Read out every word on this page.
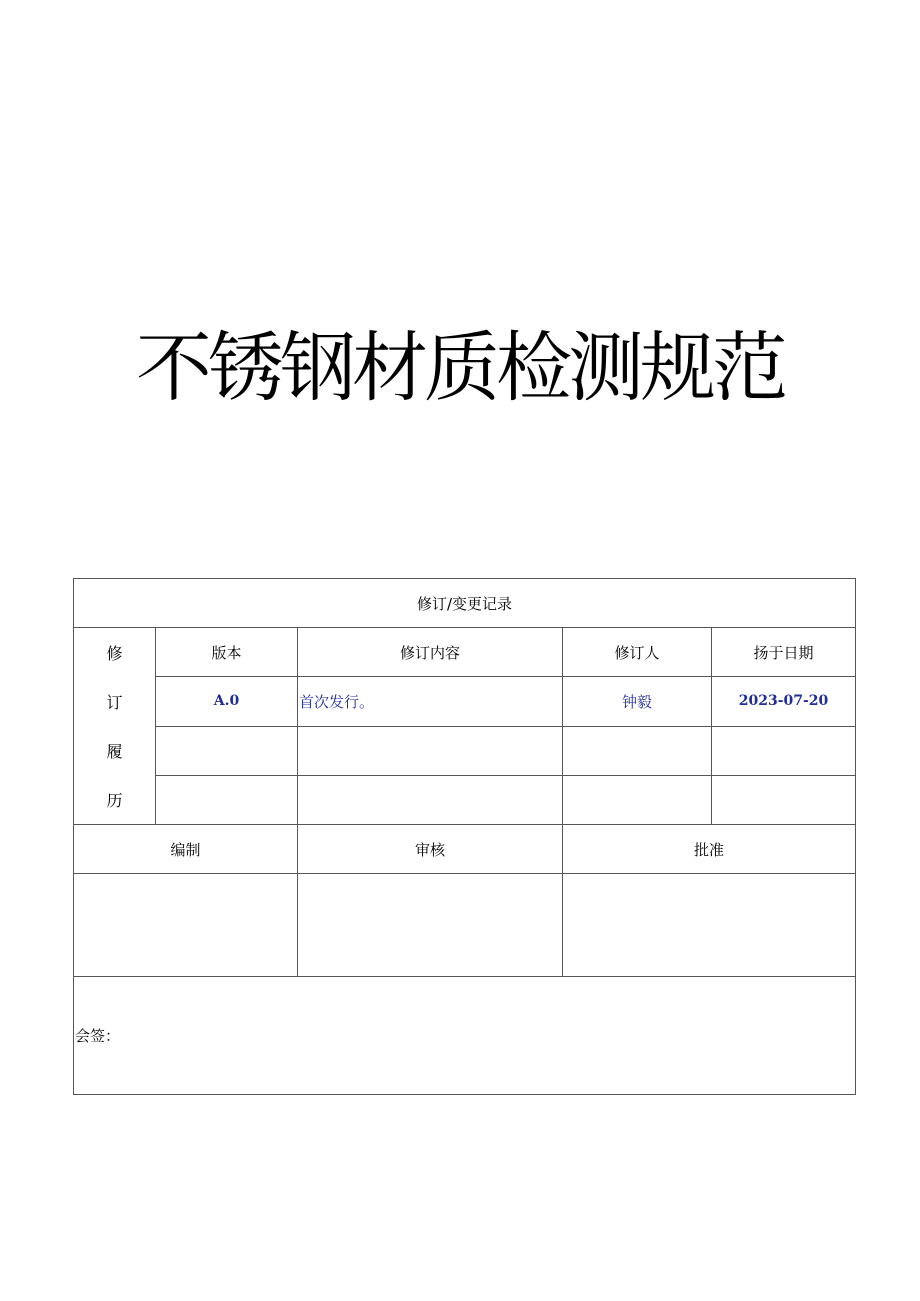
不锈钢材质检测规范
修订/变更记录				

修
订
履
历	版本	修订内容	修订人	扬于日期
	A.0	首次发行。	钟毅	2023-07-20

编制		审核	批准	

会签：				
